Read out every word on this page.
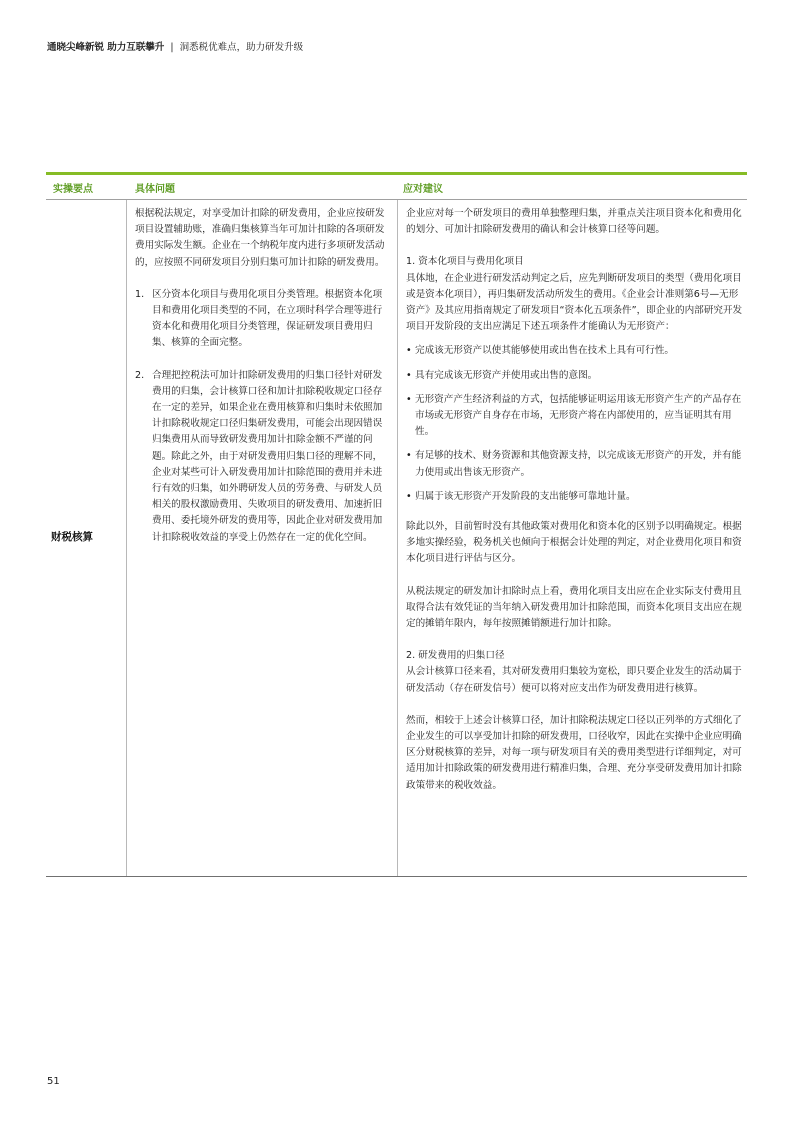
通晓尖峰新锐 助力互联攀升 | 洞悉税优难点，助力研发升级
实操要点	具体问题	应对建议
财税核算

根据税法规定，对享受加计扣除的研发费用，企业应按研发项目设置辅助账，准确归集核算当年可加计扣除的各项研发费用实际发生额。企业在一个纳税年度内进行多项研发活动的，应按照不同研发项目分别归集可加计扣除的研发费用。

1. 区分资本化项目与费用化项目分类管理。根据资本化项目和费用化项目类型的不同，在立项时科学合理等进行资本化和费用化项目分类管理，保证研发项目费用归集、核算的全面完整。

2. 合理把控税法可加计扣除研发费用的归集口径针对研发费用的归集，会计核算口径和加计扣除税收规定口径存在一定的差异，如果企业在费用核算和归集时未依照加计扣除税收规定口径归集研发费用，可能会出现因错误归集费用从而导致研发费用加计扣除金额不严谨的问题。除此之外，由于对研发费用归集口径的理解不同，企业对某些可计入研发费用加计扣除范围的费用并未进行有效的归集，如外聘研发人员的劳务费、与研发人员相关的股权激励费用、失败项目的研发费用、加速折旧费用、委托境外研发的费用等，因此企业对研发费用加计扣除税收效益的享受上仍然存在一定的优化空间。

企业应对每一个研发项目的费用单独整理归集，并重点关注项目资本化和费用化的划分、可加计扣除研发费用的确认和会计核算口径等问题。

1. 资本化项目与费用化项目

具体地，在企业进行研发活动判定之后，应先判断研发项目的类型（费用化项目或是资本化项目），再归集研发活动所发生的费用。《企业会计准则第6号—无形资产》及其应用指南规定了研发项目“资本化五项条件”，即企业的内部研究开发项目开发阶段的支出应满足下述五项条件才能确认为无形资产：

• 完成该无形资产以使其能够使用或出售在技术上具有可行性。

• 具有完成该无形资产并使用或出售的意图。

• 无形资产产生经济利益的方式，包括能够证明运用该无形资产生产的产品存在市场或无形资产自身存在市场，无形资产将在内部使用的，应当证明其有用性。

• 有足够的技术、财务资源和其他资源支持，以完成该无形资产的开发，并有能力使用或出售该无形资产。

• 归属于该无形资产开发阶段的支出能够可靠地计量。

除此以外，目前暂时没有其他政策对费用化和资本化的区别予以明确规定。根据多地实操经验，税务机关也倾向于根据会计处理的判定，对企业费用化项目和资本化项目进行评估与区分。

从税法规定的研发加计扣除时点上看，费用化项目支出应在企业实际支付费用且取得合法有效凭证的当年纳入研发费用加计扣除范围，而资本化项目支出应在规定的摊销年限内，每年按照摊销额进行加计扣除。

2. 研发费用的归集口径

从会计核算口径来看，其对研发费用归集较为宽松，即只要企业发生的活动属于研发活动（存在研发信号）便可以将对应支出作为研发费用进行核算。

然而，相较于上述会计核算口径，加计扣除税法规定口径以正列举的方式细化了企业发生的可以享受加计扣除的研发费用，口径收窄，因此在实操中企业应明确区分财税核算的差异，对每一项与研发项目有关的费用类型进行详细判定，对可适用加计扣除政策的研发费用进行精准归集，合理、充分享受研发费用加计扣除政策带来的税收效益。

51
